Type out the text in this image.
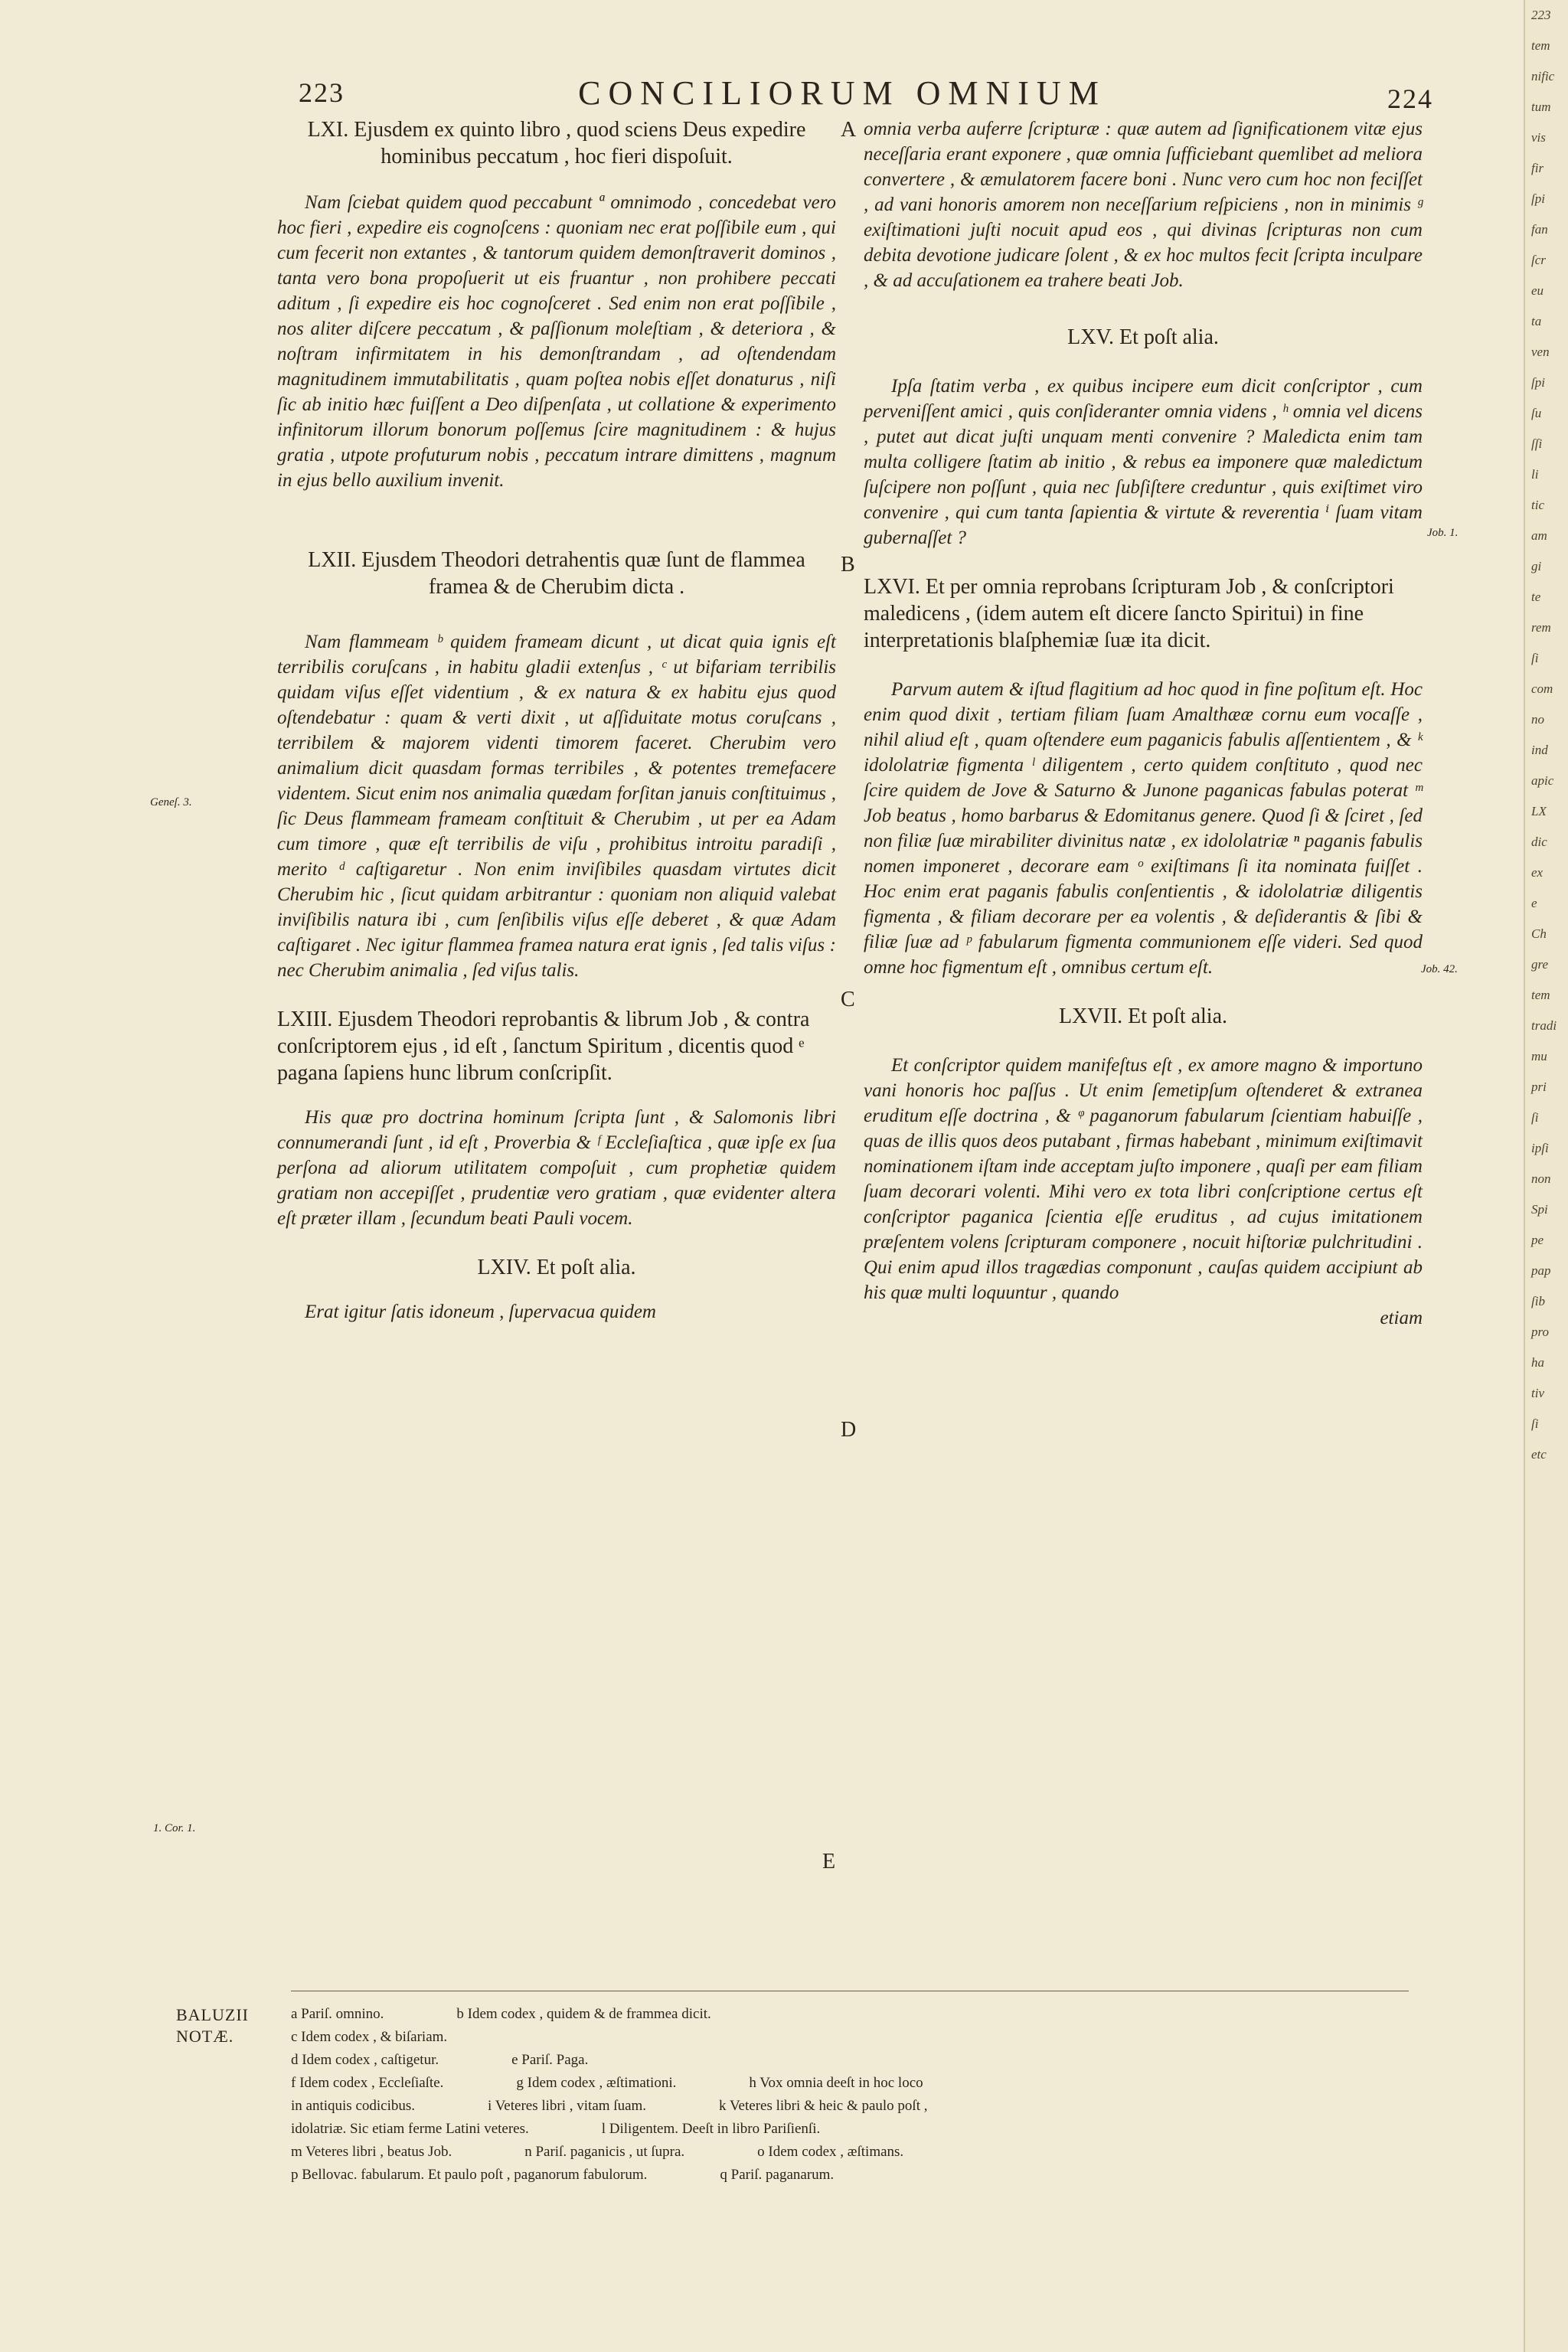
223	CONCILIORUM OMNIUM	224

LXI. Ejusdem ex quinto libro , quod sciens Deus expedire hominibus peccatum , hoc fieri dispoſuit.

Nam ſciebat quidem quod peccabunt ª omnimodo , concedebat vero hoc fieri , expedire eis cognoſcens : quoniam nec erat poſſibile eum , qui cum fecerit non extantes , & tantorum quidem demonſtraverit dominos , tanta vero bona propoſuerit ut eis fruantur , non prohibere peccati aditum , ſi expedire eis hoc cognoſceret . Sed enim non erat poſſibile , nos aliter diſcere peccatum , & paſſionum moleſtiam , & deteriora , & noſtram infirmitatem in his demonſtrandam , ad oſtendendam magnitudinem immutabilitatis , quam poſtea nobis eſſet donaturus , niſi ſic ab initio hæc fuiſſent a Deo diſpenſata , ut collatione & experimento infinitorum illorum bonorum poſſemus ſcire magnitudinem : & hujus gratia , utpote profuturum nobis , peccatum intrare dimittens , magnum in ejus bello auxilium invenit.

LXII. Ejusdem Theodori detrahentis quæ ſunt de flammea framea & de Cherubim dicta .

Nam flammeam ᵇ quidem frameam dicunt , ut dicat quia ignis eſt terribilis coruſcans , in habitu gladii extenſus , ᶜ ut bifariam terribilis quidam viſus eſſet videntium , & ex natura & ex habitu ejus quod oſtendebatur : quam & verti dixit , ut aſſiduitate motus coruſcans , terribilem & majorem videnti timorem faceret. Cherubim vero animalium dicit quasdam formas terribiles , & potentes tremefacere videntem. Sicut enim nos animalia quædam forſitan januis conſtituimus , ſic Deus flammeam frameam conſtituit & Cherubim , ut per ea Adam cum timore , quæ eſt terribilis de viſu , prohibitus introitu paradiſi , merito ᵈ caſtigaretur . Non enim inviſibiles quasdam virtutes dicit Cherubim hic , ſicut quidam arbitrantur : quoniam non aliquid valebat inviſibilis natura ibi , cum ſenſibilis viſus eſſe deberet , & quæ Adam caſtigaret . Nec igitur flammea framea natura erat ignis , ſed talis viſus : nec Cherubim animalia , ſed viſus talis.

LXIII. Ejusdem Theodori reprobantis & librum Job , & contra conſcriptorem ejus , id eſt , ſanctum Spiritum , dicentis quod ᵉ pagana ſapiens hunc librum conſcripſit.

His quæ pro doctrina hominum ſcripta ſunt , & Salomonis libri connumerandi ſunt , id eſt , Proverbia & ᶠ Eccleſiaſtica , quæ ipſe ex ſua perſona ad aliorum utilitatem compoſuit , cum prophetiæ quidem gratiam non accepiſſet , prudentiæ vero gratiam , quæ evidenter altera eſt præter illam , ſecundum beati Pauli vocem.

LXIV. Et poſt alia.

Erat igitur ſatis idoneum , ſupervacua quidem

omnia verba auferre ſcripturæ : quæ autem ad ſignificationem vitæ ejus neceſſaria erant exponere , quæ omnia ſufficiebant quemlibet ad meliora convertere , & æmulatorem facere boni . Nunc vero cum hoc non feciſſet , ad vani honoris amorem non neceſſarium reſpiciens , non in minimis ᵍ exiſtimationi juſti nocuit apud eos , qui divinas ſcripturas non cum debita devotione judicare ſolent , & ex hoc multos fecit ſcripta inculpare , & ad accuſationem ea trahere beati Job.

LXV. Et poſt alia.

Ipſa ſtatim verba , ex quibus incipere eum dicit conſcriptor , cum perveniſſent amici , quis conſideranter omnia videns , ʰ omnia vel dicens , putet aut dicat juſti unquam menti convenire ? Maledicta enim tam multa colligere ſtatim ab initio , & rebus ea imponere quæ maledictum ſuſcipere non poſſunt , quia nec ſubſiſtere creduntur , quis exiſtimet viro convenire , qui cum tanta ſapientia & virtute & reverentia ⁱ ſuam vitam gubernaſſet ?

LXVI. Et per omnia reprobans ſcripturam Job , & conſcriptori maledicens , (idem autem eſt dicere ſancto Spiritui) in fine interpretationis blaſphemiæ ſuæ ita dicit.

Parvum autem & iſtud flagitium ad hoc quod in fine poſitum eſt. Hoc enim quod dixit , tertiam filiam ſuam Amalthææ cornu eum vocaſſe , nihil aliud eſt , quam oſtendere eum paganicis fabulis aſſentientem , & ᵏ idololatriæ figmenta ˡ diligentem , certo quidem conſtituto , quod nec ſcire quidem de Jove & Saturno & Junone paganicas fabulas poterat ᵐ Job beatus , homo barbarus & Edomitanus genere. Quod ſi & ſciret , ſed non filiæ ſuæ mirabiliter divinitus natæ , ex idololatriæ ⁿ paganis fabulis nomen imponeret , decorare eam ᵒ exiſtimans ſi ita nominata fuiſſet . Hoc enim erat paganis fabulis conſentientis , & idololatriæ diligentis figmenta , & filiam decorare per ea volentis , & deſiderantis & ſibi & filiæ ſuæ ad ᵖ fabularum figmenta communionem eſſe videri. Sed quod omne hoc figmentum eſt , omnibus certum eſt.

LXVII. Et poſt alia.

Et conſcriptor quidem manifeſtus eſt , ex amore magno & importuno vani honoris hoc paſſus . Ut enim ſemetipſum oſtenderet & extranea eruditum eſſe doctrina , & ᵠ paganorum fabularum ſcientiam habuiſſe , quas de illis quos deos putabant , firmas habebant , minimum exiſtimavit nominationem iſtam inde acceptam juſto imponere , quaſi per eam filiam ſuam decorari volenti. Mihi vero ex tota libri conſcriptione certus eſt conſcriptor paganica ſcientia eſſe eruditus , ad cujus imitationem præſentem volens ſcripturam componere , nocuit hiſtoriæ pulchritudini . Qui enim apud illos tragædias componunt , cauſas quidem accipiunt ab his quæ multi loquuntur , quando

etiam

Geneſ. 3.
1. Cor. 1.
Job. 1.
Job. 42.
A
B
C
D
E
BALUZII
NOTÆ.
a Pariſ. omnino.                    b Idem codex , quidem & de frammea dicit.
c Idem codex , & biſariam.
d Idem codex , caſtigetur.                    e Pariſ. Paga.
f Idem codex , Eccleſiaſte.                    g Idem codex , æſtimationi.                    h Vox omnia deeſt in hoc loco
in antiquis codicibus.                    i Veteres libri , vitam ſuam.                    k Veteres libri & heic & paulo poſt ,
idolatriæ. Sic etiam ferme Latini veteres.                    l Diligentem. Deeſt in libro Pariſienſi.
m Veteres libri , beatus Job.                    n Pariſ. paganicis , ut ſupra.                    o Idem codex , æſtimans.
p Bellovac. fabularum. Et paulo poſt , paganorum fabulorum.                    q Pariſ. paganarum.
223
tem
nific
tum
vis
fir
ſpi
fan
ſcr
eu
ta
ven
ſpi
ſu
ſſi
li
tic
am
gi
te
rem
ſi
com
no
ind
apic
LX
dic
ex
e
Ch
gre
tem
tradi
mu
pri
ſi
ipſi
non
Spi
pe
pap
ſib
pro
ha
tiv
ſi
etc
